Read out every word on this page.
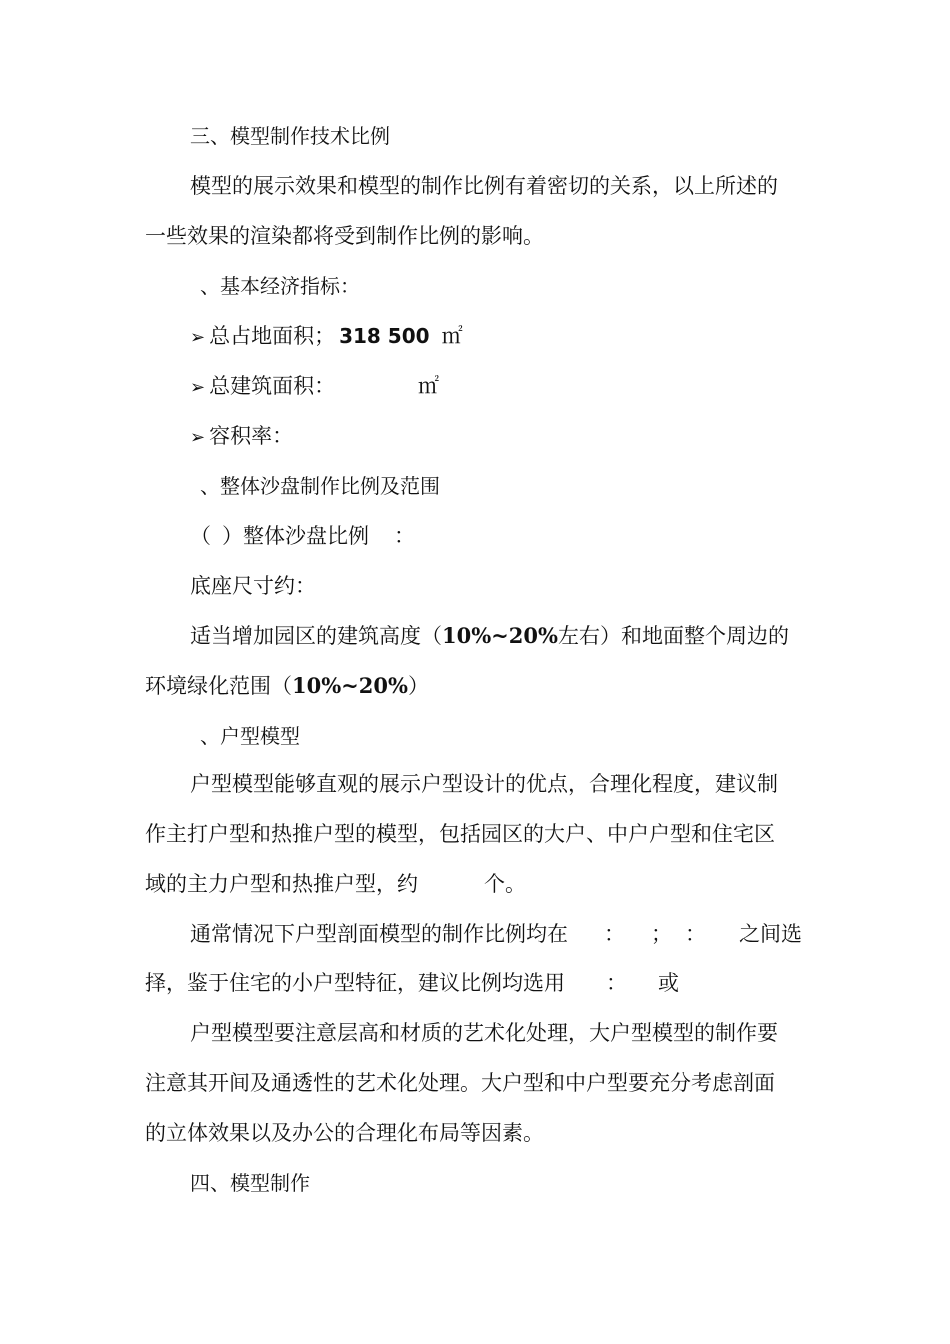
三、模型制作技术比例
模型的展示效果和模型的制作比例有着密切的关系，以上所述的
一些效果的渲染都将受到制作比例的影响。
、基本经济指标：
➢ 总占地面积； 318 500 ㎡
➢ 总建筑面积：	㎡
➢ 容积率：
、整体沙盘制作比例及范围
（ ）整体沙盘比例 ：
底座尺寸约：
适当增加园区的建筑高度（10%~20%左右）和地面整个周边的
环境绿化范围（10%~20%）
、户型模型
户型模型能够直观的展示户型设计的优点，合理化程度，建议制
作主打户型和热推户型的模型，包括园区的大户、中户户型和住宅区
域的主力户型和热推户型，约	个。
通常情况下户型剖面模型的制作比例均在 ： ； ： 之间选
择，鉴于住宅的小户型特征，建议比例均选用 ： 或
户型模型要注意层高和材质的艺术化处理，大户型模型的制作要
注意其开间及通透性的艺术化处理。大户型和中户型要充分考虑剖面
的立体效果以及办公的合理化布局等因素。
四、模型制作
